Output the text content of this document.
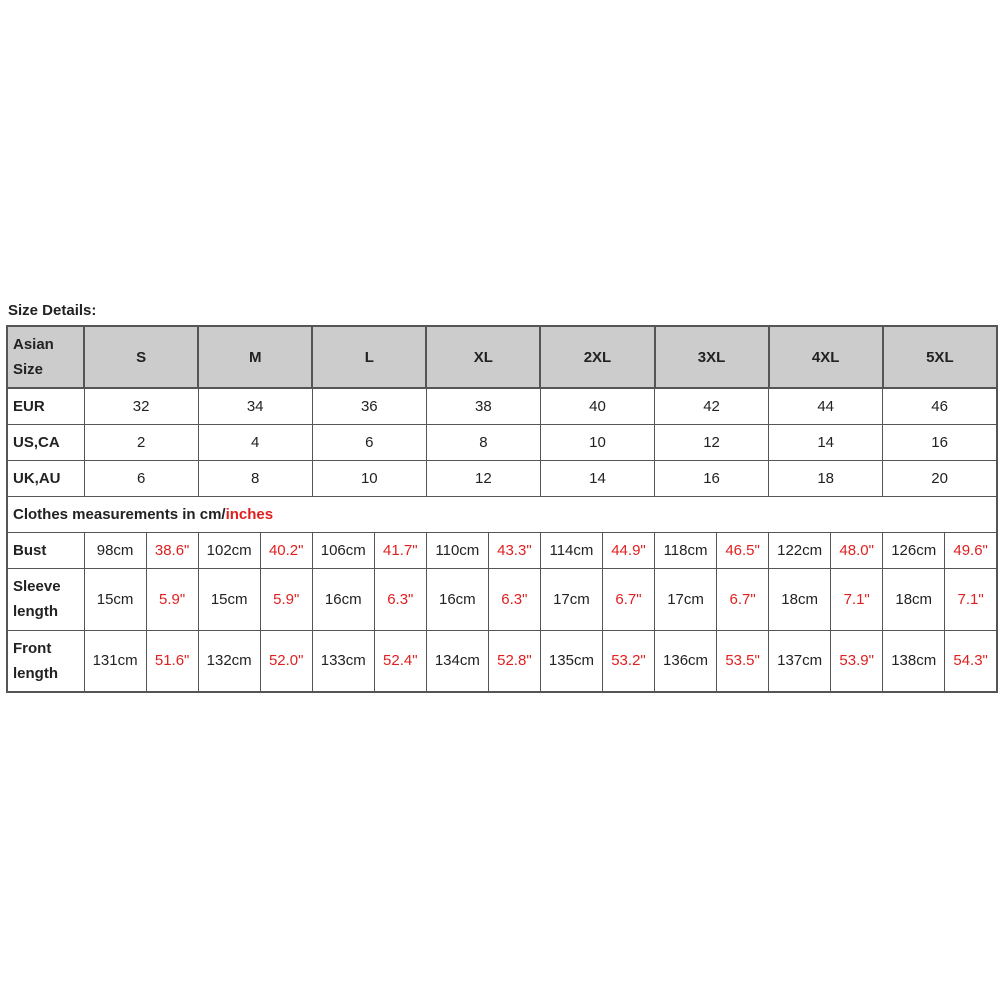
Size Details:
Asian Size	S		M		L		XL		2XL		3XL		4XL		5XL	
EUR	32		34		36		38		40		42		44		46	
US,CA	2		4		6		8		10		12		14		16	
UK,AU	6		8		10		12		14		16		18		20	
Clothes measurements in cm/inches																
Bust	98cm	38.6"	102cm	40.2"	106cm	41.7"	110cm	43.3"	114cm	44.9"	118cm	46.5"	122cm	48.0"	126cm	49.6"
Sleeve length	15cm	5.9"	15cm	5.9"	16cm	6.3"	16cm	6.3"	17cm	6.7"	17cm	6.7"	18cm	7.1"	18cm	7.1"
Front length	131cm	51.6"	132cm	52.0"	133cm	52.4"	134cm	52.8"	135cm	53.2"	136cm	53.5"	137cm	53.9"	138cm	54.3"
